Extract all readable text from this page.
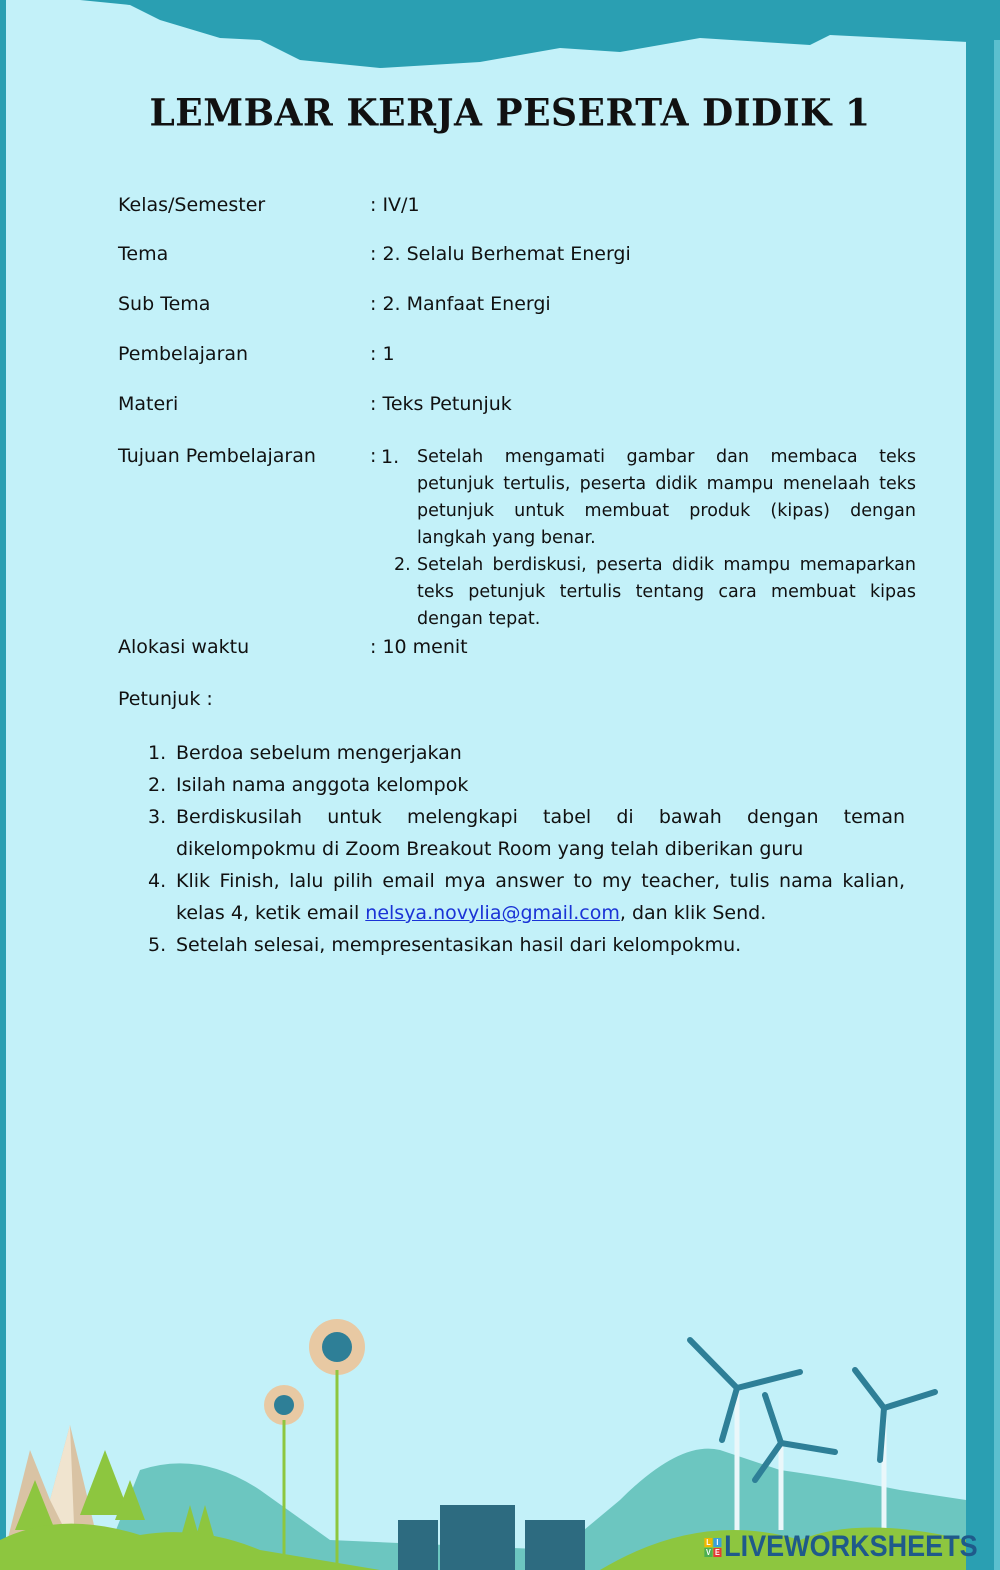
LEMBAR KERJA PESERTA DIDIK 1
Kelas/Semester	: IV/1
Tema	: 2. Selalu Berhemat Energi
Sub Tema	: 2. Manfaat Energi
Pembelajaran	: 1
Materi	: Teks Petunjuk
Tujuan Pembelajaran	: 1. Setelah mengamati gambar dan membaca teks petunjuk tertulis, peserta didik mampu menelaah teks petunjuk untuk membuat produk (kipas) dengan langkah yang benar.
2. Setelah berdiskusi, peserta didik mampu memaparkan teks petunjuk tertulis tentang cara membuat kipas dengan tepat.
Alokasi waktu	: 10 menit
Petunjuk :
1. Berdoa sebelum mengerjakan
2. Isilah nama anggota kelompok
3. Berdiskusilah untuk melengkapi tabel di bawah dengan teman dikelompokmu di Zoom Breakout Room yang telah diberikan guru
4. Klik Finish, lalu pilih email mya answer to my teacher, tulis nama kalian, kelas 4, ketik email nelsya.novylia@gmail.com, dan klik Send.
5. Setelah selesai, mempresentasikan hasil dari kelompokmu.
L I
V E LIVEWORKSHEETS
